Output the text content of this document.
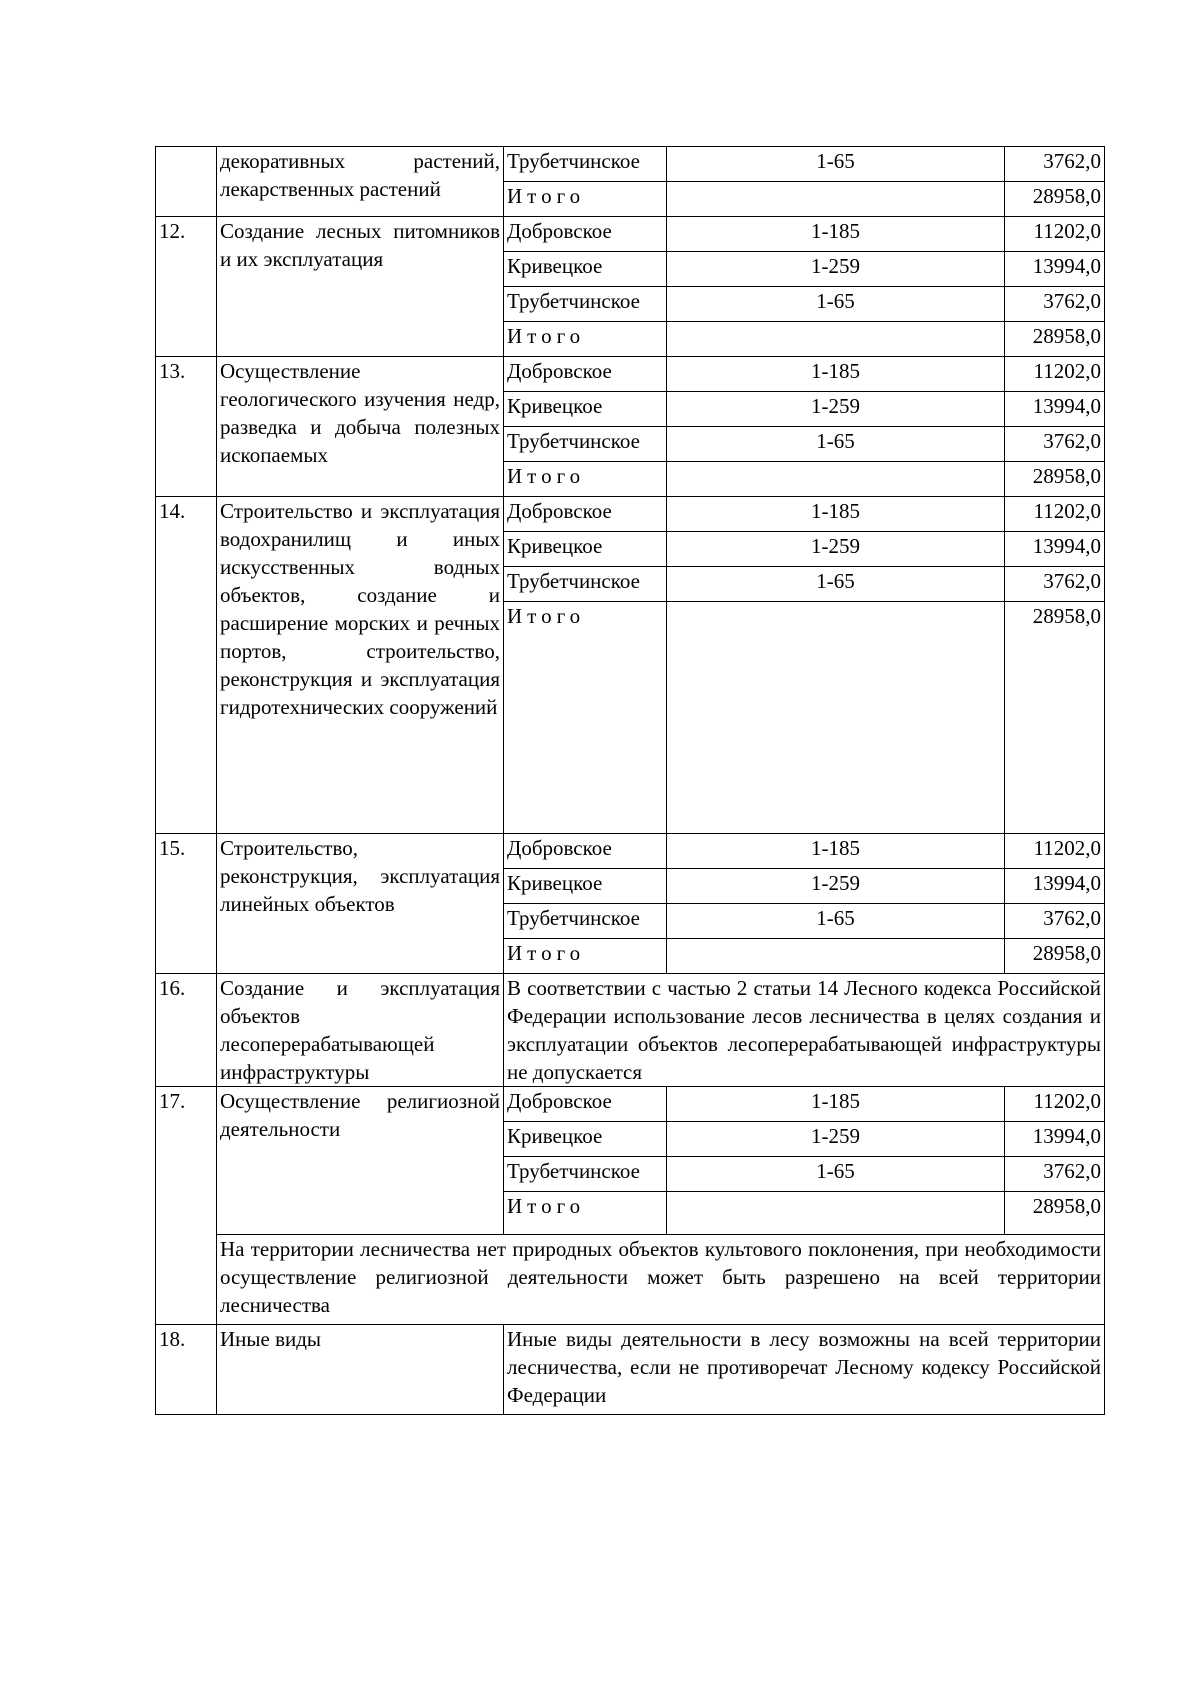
	декоративных растений, лекарственных растений	Трубетчинское	1-65	3762,0
		Итого		28958,0
12.	Создание лесных питомников и их эксплуатация	Добровское	1-185	11202,0
		Кривецкое	1-259	13994,0
		Трубетчинское	1-65	3762,0
		Итого		28958,0
13.	Осуществление геологического изучения недр, разведка и добыча полезных ископаемых	Добровское	1-185	11202,0
		Кривецкое	1-259	13994,0
		Трубетчинское	1-65	3762,0
		Итого		28958,0
14.	Строительство и эксплуатация водохранилищ и иных искусственных водных объектов, создание и расширение морских и речных портов, строительство, реконструкция и эксплуатация гидротехнических сооружений	Добровское	1-185	11202,0
		Кривецкое	1-259	13994,0
		Трубетчинское	1-65	3762,0
		Итого		28958,0
15.	Строительство, реконструкция, эксплуатация линейных объектов	Добровское	1-185	11202,0
		Кривецкое	1-259	13994,0
		Трубетчинское	1-65	3762,0
		Итого		28958,0
16.	Создание и эксплуатация объектов лесоперерабатывающей инфраструктуры	В соответствии с частью 2 статьи 14 Лесного кодекса Российской Федерации использование лесов лесничества в целях создания и эксплуатации объектов лесоперерабатывающей инфраструктуры не допускается		
17.	Осуществление религиозной деятельности	Добровское	1-185	11202,0
		Кривецкое	1-259	13994,0
		Трубетчинское	1-65	3762,0
		Итого		28958,0
	На территории лесничества нет природных объектов культового поклонения, при необходимости осуществление религиозной деятельности может быть разрешено на всей территории лесничества			
18.	Иные виды	Иные виды деятельности в лесу возможны на всей территории лесничества, если не противоречат Лесному кодексу Российской Федерации		
